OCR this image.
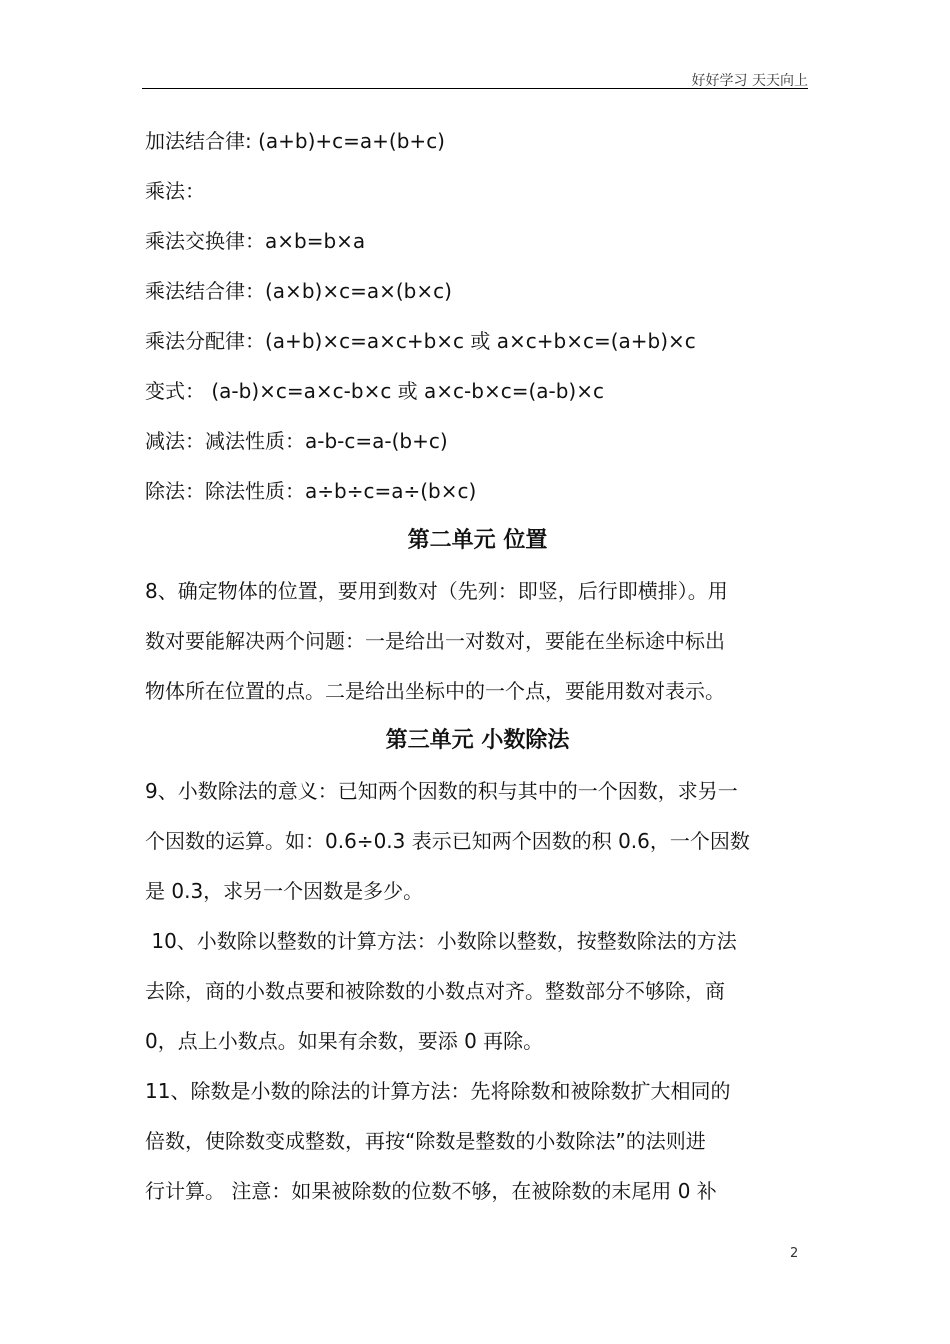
好好学习 天天向上
加法结合律: (a+b)+c=a+(b+c)
乘法：
乘法交换律：a×b=b×a
乘法结合律：(a×b)×c=a×(b×c)
乘法分配律：(a+b)×c=a×c+b×c 或 a×c+b×c=(a+b)×c
变式： (a-b)×c=a×c-b×c 或 a×c-b×c=(a-b)×c
减法：减法性质：a-b-c=a-(b+c)
除法：除法性质：a÷b÷c=a÷(b×c)
第二单元 位置
8、确定物体的位置，要用到数对（先列：即竖，后行即横排）。用
数对要能解决两个问题：一是给出一对数对，要能在坐标途中标出
物体所在位置的点。二是给出坐标中的一个点，要能用数对表示。
第三单元 小数除法
9、小数除法的意义：已知两个因数的积与其中的一个因数，求另一
个因数的运算。如：0.6÷0.3 表示已知两个因数的积 0.6，一个因数
是 0.3，求另一个因数是多少。
10、小数除以整数的计算方法：小数除以整数，按整数除法的方法
去除，商的小数点要和被除数的小数点对齐。整数部分不够除，商
0，点上小数点。如果有余数，要添 0 再除。
11、除数是小数的除法的计算方法：先将除数和被除数扩大相同的
倍数，使除数变成整数，再按“除数是整数的小数除法”的法则进
行计算。 注意：如果被除数的位数不够，在被除数的末尾用 0 补
2
